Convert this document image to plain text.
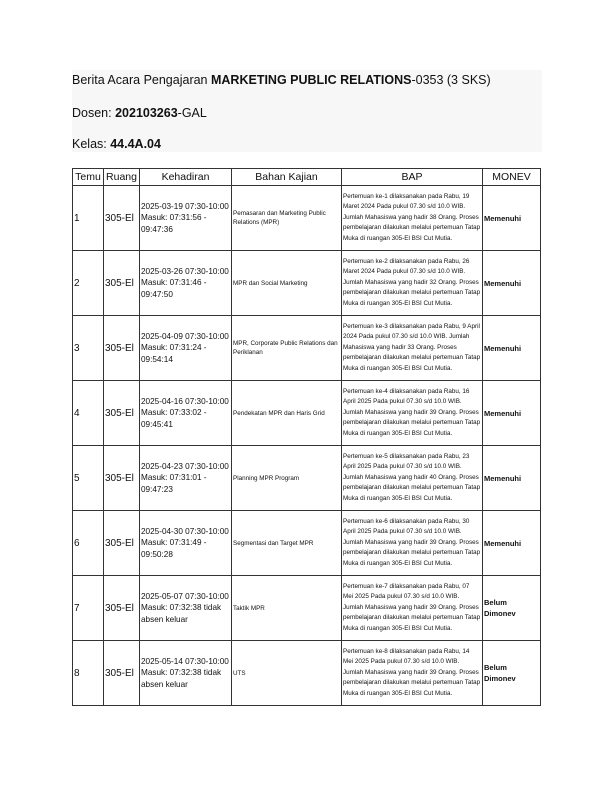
Berita Acara Pengajaran MARKETING PUBLIC RELATIONS-0353 (3 SKS)
Dosen: 202103263-GAL
Kelas: 44.4A.04
Temu	Ruang	Kehadiran	Bahan Kajian	BAP	MONEV
1	305-El	2025-03-19 07:30-10:00 Masuk: 07:31:56 - 09:47:36	Pemasaran dan Marketing Public Relations (MPR)	Pertemuan ke-1 dilaksanakan pada Rabu, 19 Maret 2024 Pada pukul 07.30 s/d 10.0 WIB. Jumlah Mahasiswa yang hadir 38 Orang. Proses pembelajaran dilakukan melalui pertemuan Tatap Muka di ruangan 305-El BSI Cut Mutia.	Memenuhi
2	305-El	2025-03-26 07:30-10:00 Masuk: 07:31:46 - 09:47:50	MPR dan Social Marketing	Pertemuan ke-2 dilaksanakan pada Rabu, 26 Maret 2024 Pada pukul 07.30 s/d 10.0 WIB. Jumlah Mahasiswa yang hadir 32 Orang. Proses pembelajaran dilakukan melalui pertemuan Tatap Muka di ruangan 305-El BSI Cut Mutia.	Memenuhi
3	305-El	2025-04-09 07:30-10:00 Masuk: 07:31:24 - 09:54:14	MPR, Corporate Public Relations dan Periklanan	Pertemuan ke-3 dilaksanakan pada Rabu, 9 April 2024 Pada pukul 07.30 s/d 10.0 WIB. Jumlah Mahasiswa yang hadir 33 Orang. Proses pembelajaran dilakukan melalui pertemuan Tatap Muka di ruangan 305-El BSI Cut Mutia.	Memenuhi
4	305-El	2025-04-16 07:30-10:00 Masuk: 07:33:02 - 09:45:41	Pendekatan MPR dan Haris Grid	Pertemuan ke-4 dilaksanakan pada Rabu, 16 April 2025 Pada pukul 07.30 s/d 10.0 WIB. Jumlah Mahasiswa yang hadir 39 Orang. Proses pembelajaran dilakukan melalui pertemuan Tatap Muka di ruangan 305-El BSI Cut Mutia.	Memenuhi
5	305-El	2025-04-23 07:30-10:00 Masuk: 07:31:01 - 09:47:23	Planning MPR Program	Pertemuan ke-5 dilaksanakan pada Rabu, 23 April 2025 Pada pukul 07.30 s/d 10.0 WIB. Jumlah Mahasiswa yang hadir 40 Orang. Proses pembelajaran dilakukan melalui pertemuan Tatap Muka di ruangan 305-El BSI Cut Mutia.	Memenuhi
6	305-El	2025-04-30 07:30-10:00 Masuk: 07:31:49 - 09:50:28	Segmentasi dan Target MPR	Pertemuan ke-6 dilaksanakan pada Rabu, 30 April 2025 Pada pukul 07.30 s/d 10.0 WIB. Jumlah Mahasiswa yang hadir 39 Orang. Proses pembelajaran dilakukan melalui pertemuan Tatap Muka di ruangan 305-El BSI Cut Mutia.	Memenuhi
7	305-El	2025-05-07 07:30-10:00 Masuk: 07:32:38 tidak absen keluar	Taktik MPR	Pertemuan ke-7 dilaksanakan pada Rabu, 07 Mei 2025 Pada pukul 07.30 s/d 10.0 WIB. Jumlah Mahasiswa yang hadir 39 Orang. Proses pembelajaran dilakukan melalui pertemuan Tatap Muka di ruangan 305-El BSI Cut Mutia.	Belum Dimonev
8	305-El	2025-05-14 07:30-10:00 Masuk: 07:32:38 tidak absen keluar	UTS	Pertemuan ke-8 dilaksanakan pada Rabu, 14 Mei 2025 Pada pukul 07.30 s/d 10.0 WIB. Jumlah Mahasiswa yang hadir 39 Orang. Proses pembelajaran dilakukan melalui pertemuan Tatap Muka di ruangan 305-El BSI Cut Mutia.	Belum Dimonev
